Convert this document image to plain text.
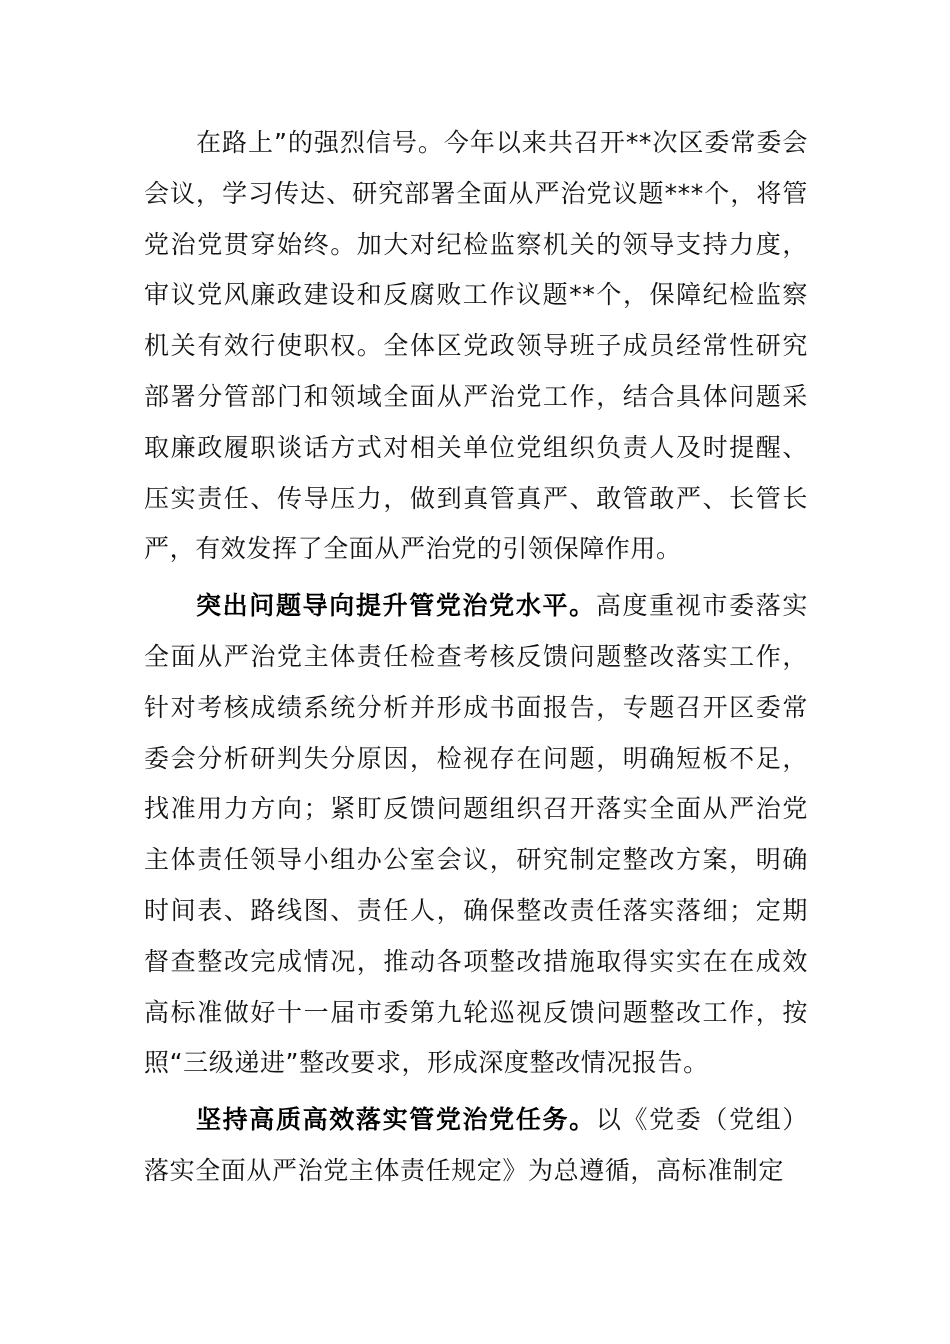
在路上”的强烈信号。今年以来共召开**次区委常委会会议，学习传达、研究部署全面从严治党议题***个，将管党治党贯穿始终。加大对纪检监察机关的领导支持力度，审议党风廉政建设和反腐败工作议题**个，保障纪检监察机关有效行使职权。全体区党政领导班子成员经常性研究部署分管部门和领域全面从严治党工作，结合具体问题采取廉政履职谈话方式对相关单位党组织负责人及时提醒、压实责任、传导压力，做到真管真严、敢管敢严、长管长严，有效发挥了全面从严治党的引领保障作用。

突出问题导向提升管党治党水平。高度重视市委落实全面从严治党主体责任检查考核反馈问题整改落实工作，针对考核成绩系统分析并形成书面报告，专题召开区委常委会分析研判失分原因，检视存在问题，明确短板不足，找准用力方向；紧盯反馈问题组织召开落实全面从严治党主体责任领导小组办公室会议，研究制定整改方案，明确时间表、路线图、责任人，确保整改责任落实落细；定期督查整改完成情况，推动各项整改措施取得实实在在成效高标准做好十一届市委第九轮巡视反馈问题整改工作，按照“三级递进”整改要求，形成深度整改情况报告。

坚持高质高效落实管党治党任务。以《党委（党组）落实全面从严治党主体责任规定》为总遵循，高标准制定
